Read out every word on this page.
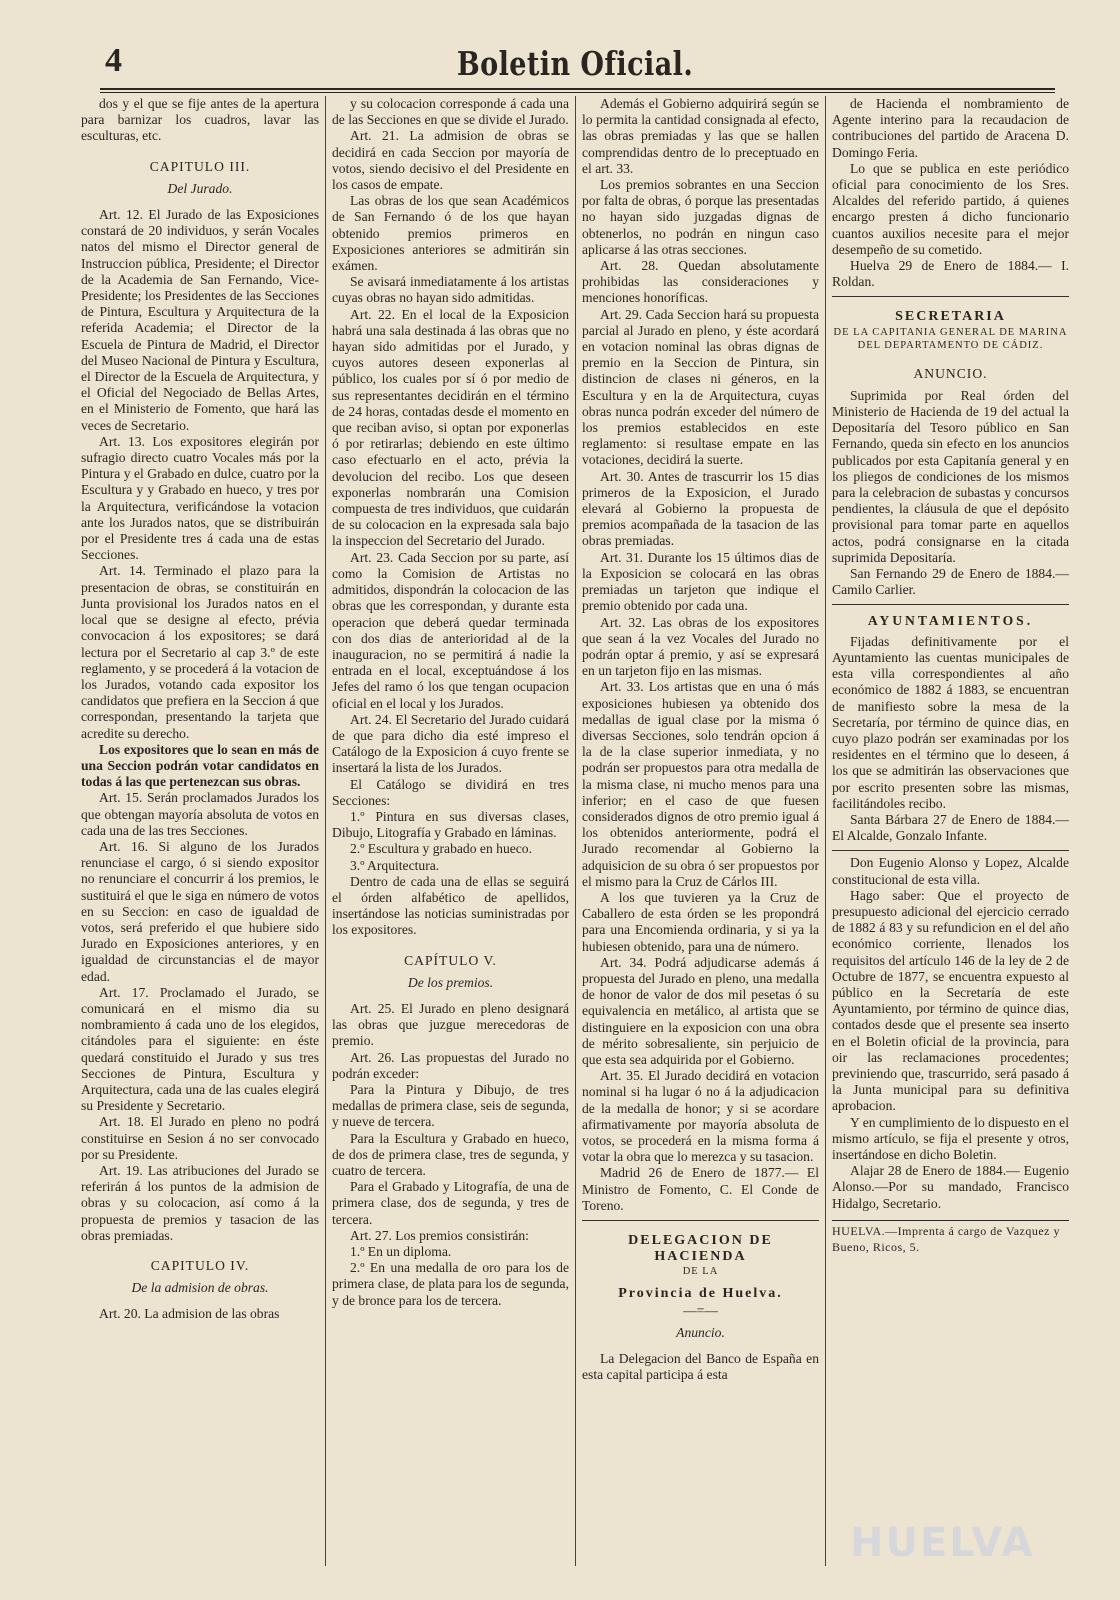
4	Boletin Oficial.

dos y el que se fije antes de la apertura para barnizar los cuadros, lavar las esculturas, etc.

CAPITULO III.
Del Jurado.

Art. 12. El Jurado de las Exposiciones constará de 20 individuos, y serán Vocales natos del mismo el Director general de Instruccion pública, Presidente; el Director de la Academia de San Fernando, Vice-Presidente; los Presidentes de las Secciones de Pintura, Escultura y Arquitectura de la referida Academia; el Director de la Escuela de Pintura de Madrid, el Director del Museo Nacional de Pintura y Escultura, el Director de la Escuela de Arquitectura, y el Oficial del Negociado de Bellas Artes, en el Ministerio de Fomento, que hará las veces de Secretario.

Art. 13. Los expositores elegirán por sufragio directo cuatro Vocales más por la Pintura y el Grabado en dulce, cuatro por la Escultura y y Grabado en hueco, y tres por la Arquitectura, verificándose la votacion ante los Jurados natos, que se distribuirán por el Presidente tres á cada una de estas Secciones.

Art. 14. Terminado el plazo para la presentacion de obras, se constituirán en Junta provisional los Jurados natos en el local que se designe al efecto, prévia convocacion á los expositores; se dará lectura por el Secretario al cap 3.º de este reglamento, y se procederá á la votacion de los Jurados, votando cada expositor los candidatos que prefiera en la Seccion á que correspondan, presentando la tarjeta que acredite su derecho.

Los expositores que lo sean en más de una Seccion podrán votar candidatos en todas á las que pertenezcan sus obras.

Art. 15. Serán proclamados Jurados los que obtengan mayoría absoluta de votos en cada una de las tres Secciones.

Art. 16. Si alguno de los Jurados renunciase el cargo, ó si siendo expositor no renunciare el concurrir á los premios, le sustituirá el que le siga en número de votos en su Seccion: en caso de igualdad de votos, será preferido el que hubiere sido Jurado en Exposiciones anteriores, y en igualdad de circunstancias el de mayor edad.

Art. 17. Proclamado el Jurado, se comunicará en el mismo dia su nombramiento á cada uno de los elegidos, citándoles para el siguiente: en éste quedará constituido el Jurado y sus tres Secciones de Pintura, Escultura y Arquitectura, cada una de las cuales elegirá su Presidente y Secretario.

Art. 18. El Jurado en pleno no podrá constituirse en Sesion á no ser convocado por su Presidente.

Art. 19. Las atribuciones del Jurado se referirán á los puntos de la admision de obras y su colocacion, así como á la propuesta de premios y tasacion de las obras premiadas.

CAPITULO IV.
De la admision de obras.

Art. 20. La admision de las obras

y su colocacion corresponde á cada una de las Secciones en que se divide el Jurado.

Art. 21. La admision de obras se decidirá en cada Seccion por mayoría de votos, siendo decisivo el del Presidente en los casos de empate.

Las obras de los que sean Académicos de San Fernando ó de los que hayan obtenido premios primeros en Exposiciones anteriores se admitirán sin exámen.

Se avisará inmediatamente á los artistas cuyas obras no hayan sido admitidas.

Art. 22. En el local de la Exposicion habrá una sala destinada á las obras que no hayan sido admitidas por el Jurado, y cuyos autores deseen exponerlas al público, los cuales por sí ó por medio de sus representantes decidirán en el término de 24 horas, contadas desde el momento en que reciban aviso, si optan por exponerlas ó por retirarlas; debiendo en este último caso efectuarlo en el acto, prévia la devolucion del recibo. Los que deseen exponerlas nombrarán una Comision compuesta de tres individuos, que cuidarán de su colocacion en la expresada sala bajo la inspeccion del Secretario del Jurado.

Art. 23. Cada Seccion por su parte, así como la Comision de Artistas no admitidos, dispondrán la colocacion de las obras que les correspondan, y durante esta operacion que deberá quedar terminada con dos dias de anterioridad al de la inauguracion, no se permitirá á nadie la entrada en el local, exceptuándose á los Jefes del ramo ó los que tengan ocupacion oficial en el local y los Jurados.

Art. 24. El Secretario del Jurado cuidará de que para dicho dia esté impreso el Catálogo de la Exposicion á cuyo frente se insertará la lista de los Jurados.

El Catálogo se dividirá en tres Secciones:

1.º Pintura en sus diversas clases, Dibujo, Litografía y Grabado en láminas.

2.º Escultura y grabado en hueco.

3.º Arquitectura.

Dentro de cada una de ellas se seguirá el órden alfabético de apellidos, insertándose las noticias suministradas por los expositores.

CAPÍTULO V.
De los premios.

Art. 25. El Jurado en pleno designará las obras que juzgue merecedoras de premio.

Art. 26. Las propuestas del Jurado no podrán exceder:

Para la Pintura y Dibujo, de tres medallas de primera clase, seis de segunda, y nueve de tercera.

Para la Escultura y Grabado en hueco, de dos de primera clase, tres de segunda, y cuatro de tercera.

Para el Grabado y Litografía, de una de primera clase, dos de segunda, y tres de tercera.

Art. 27. Los premios consistirán:

1.º En un diploma.

2.º En una medalla de oro para los de primera clase, de plata para los de segunda, y de bronce para los de tercera.

Además el Gobierno adquirirá según se lo permita la cantidad consignada al efecto, las obras premiadas y las que se hallen comprendidas dentro de lo preceptuado en el art. 33.

Los premios sobrantes en una Seccion por falta de obras, ó porque las presentadas no hayan sido juzgadas dignas de obtenerlos, no podrán en ningun caso aplicarse á las otras secciones.

Art. 28. Quedan absolutamente prohibidas las consideraciones y menciones honoríficas.

Art. 29. Cada Seccion hará su propuesta parcial al Jurado en pleno, y éste acordará en votacion nominal las obras dignas de premio en la Seccion de Pintura, sin distincion de clases ni géneros, en la Escultura y en la de Arquitectura, cuyas obras nunca podrán exceder del número de los premios establecidos en este reglamento: si resultase empate en las votaciones, decidirá la suerte.

Art. 30. Antes de trascurrir los 15 dias primeros de la Exposicion, el Jurado elevará al Gobierno la propuesta de premios acompañada de la tasacion de las obras premiadas.

Art. 31. Durante los 15 últimos dias de la Exposicion se colocará en las obras premiadas un tarjeton que indique el premio obtenido por cada una.

Art. 32. Las obras de los expositores que sean á la vez Vocales del Jurado no podrán optar á premio, y así se expresará en un tarjeton fijo en las mismas.

Art. 33. Los artistas que en una ó más exposiciones hubiesen ya obtenido dos medallas de igual clase por la misma ó diversas Secciones, solo tendrán opcion á la de la clase superior inmediata, y no podrán ser propuestos para otra medalla de la misma clase, ni mucho menos para una inferior; en el caso de que fuesen considerados dignos de otro premio igual á los obtenidos anteriormente, podrá el Jurado recomendar al Gobierno la adquisicion de su obra ó ser propuestos por el mismo para la Cruz de Cárlos III.

A los que tuvieren ya la Cruz de Caballero de esta órden se les propondrá para una Encomienda ordinaria, y si ya la hubiesen obtenido, para una de número.

Art. 34. Podrá adjudicarse además á propuesta del Jurado en pleno, una medalla de honor de valor de dos mil pesetas ó su equivalencia en metálico, al artista que se distinguiere en la exposicion con una obra de mérito sobresaliente, sin perjuicio de que esta sea adquirida por el Gobierno.

Art. 35. El Jurado decidirá en votacion nominal si ha lugar ó no á la adjudicacion de la medalla de honor; y si se acordare afirmativamente por mayoría absoluta de votos, se procederá en la misma forma á votar la obra que lo merezca y su tasacion.

Madrid 26 de Enero de 1877.— El Ministro de Fomento, C. El Conde de Toreno.

DELEGACION DE HACIENDA
DE LA
Provincia de Huelva.
—=—
Anuncio.

La Delegacion del Banco de España en esta capital participa á esta

de Hacienda el nombramiento de Agente interino para la recaudacion de contribuciones del partido de Aracena D. Domingo Feria.

Lo que se publica en este periódico oficial para conocimiento de los Sres. Alcaldes del referido partido, á quienes encargo presten á dicho funcionario cuantos auxilios necesite para el mejor desempeño de su cometido.

Huelva 29 de Enero de 1884.— I. Roldan.

SECRETARIA
DE LA CAPITANIA GENERAL DE MARINA DEL DEPARTAMENTO DE CÁDIZ.
ANUNCIO.

Suprimida por Real órden del Ministerio de Hacienda de 19 del actual la Depositaría del Tesoro público en San Fernando, queda sin efecto en los anuncios publicados por esta Capitanía general y en los pliegos de condiciones de los mismos para la celebracion de subastas y concursos pendientes, la cláusula de que el depósito provisional para tomar parte en aquellos actos, podrá consignarse en la citada suprimida Depositaría.

San Fernando 29 de Enero de 1884.—Camilo Carlier.

AYUNTAMIENTOS.

Fijadas definitivamente por el Ayuntamiento las cuentas municipales de esta villa correspondientes al año económico de 1882 á 1883, se encuentran de manifiesto sobre la mesa de la Secretaría, por término de quince dias, en cuyo plazo podrán ser examinadas por los residentes en el término que lo deseen, á los que se admitirán las observaciones que por escrito presenten sobre las mismas, facilitándoles recibo.

Santa Bárbara 27 de Enero de 1884.—El Alcalde, Gonzalo Infante.

Don Eugenio Alonso y Lopez, Alcalde constitucional de esta villa.

Hago saber: Que el proyecto de presupuesto adicional del ejercicio cerrado de 1882 á 83 y su refundicion en el del año económico corriente, llenados los requisitos del artículo 146 de la ley de 2 de Octubre de 1877, se encuentra expuesto al público en la Secretaría de este Ayuntamiento, por término de quince dias, contados desde que el presente sea inserto en el Boletin oficial de la provincia, para oir las reclamaciones procedentes; previniendo que, trascurrido, será pasado á la Junta municipal para su definitiva aprobacion.

Y en cumplimiento de lo dispuesto en el mismo artículo, se fija el presente y otros, insertándose en dicho Boletin.

Alajar 28 de Enero de 1884.— Eugenio Alonso.—Por su mandado, Francisco Hidalgo, Secretario.

HUELVA.—Imprenta á cargo de Vazquez y Bueno, Ricos, 5.
HUELVA
